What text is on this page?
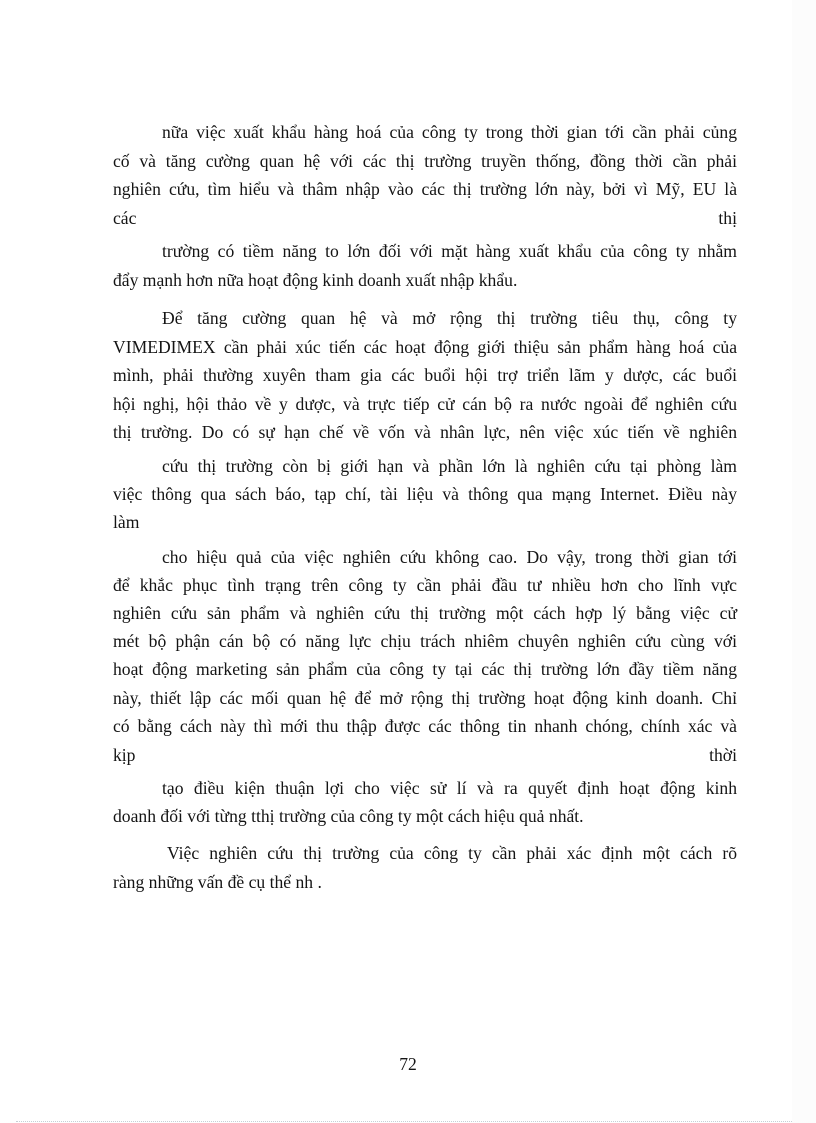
nữa việc xuất khẩu hàng hoá của công ty trong thời gian tới cần phải củng
cố và tăng cường quan hệ với các thị trường truyền thống, đồng thời cần phải
nghiên cứu, tìm hiểu và thâm nhập vào các thị trường lớn này, bởi vì Mỹ, EU là
các	thị
trường có tiềm năng to lớn đối với mặt hàng xuất khẩu của công ty nhằm
đẩy mạnh hơn nữa hoạt động kinh doanh xuất nhập khẩu.
Để tăng cường quan hệ và mở rộng thị trường tiêu thụ, công ty
VIMEDIMEX cần phải xúc tiến các hoạt động giới thiệu sản phẩm hàng hoá của
mình, phải thường xuyên tham gia các buổi hội trợ triển lãm y dược, các buổi
hội nghị, hội thảo về y dược, và trực tiếp cử cán bộ ra nước ngoài để nghiên cứu
thị trường. Do có sự hạn chế về vốn và nhân lực, nên việc xúc tiến về nghiên
cứu thị trường còn bị giới hạn và phần lớn là nghiên cứu tại phòng làm
việc thông qua sách báo, tạp chí, tài liệu và thông qua mạng Internet. Điều này
làm
cho hiệu quả của việc nghiên cứu không cao. Do vậy, trong thời gian tới
để khắc phục tình trạng trên công ty cần phải đầu tư nhiều hơn cho lĩnh vực
nghiên cứu sản phẩm và nghiên cứu thị trường một cách hợp lý bằng việc cử
mét bộ phận cán bộ có năng lực chịu trách nhiêm chuyên nghiên cứu cùng với
hoạt động marketing sản phẩm của công ty tại các thị trường lớn đầy tiềm năng
này, thiết lập các mối quan hệ để mở rộng thị trường hoạt động kinh doanh. Chỉ
có bằng cách này thì mới thu thập được các thông tin nhanh chóng, chính xác và
kịp	thời
tạo điều kiện thuận lợi cho việc sử lí và ra quyết định hoạt động kinh
doanh đối với từng tthị trường của công ty một cách hiệu quả nhất.
Việc nghiên cứu thị trường của công ty cần phải xác định một cách rõ
ràng những vấn đề cụ thể nh .
72
